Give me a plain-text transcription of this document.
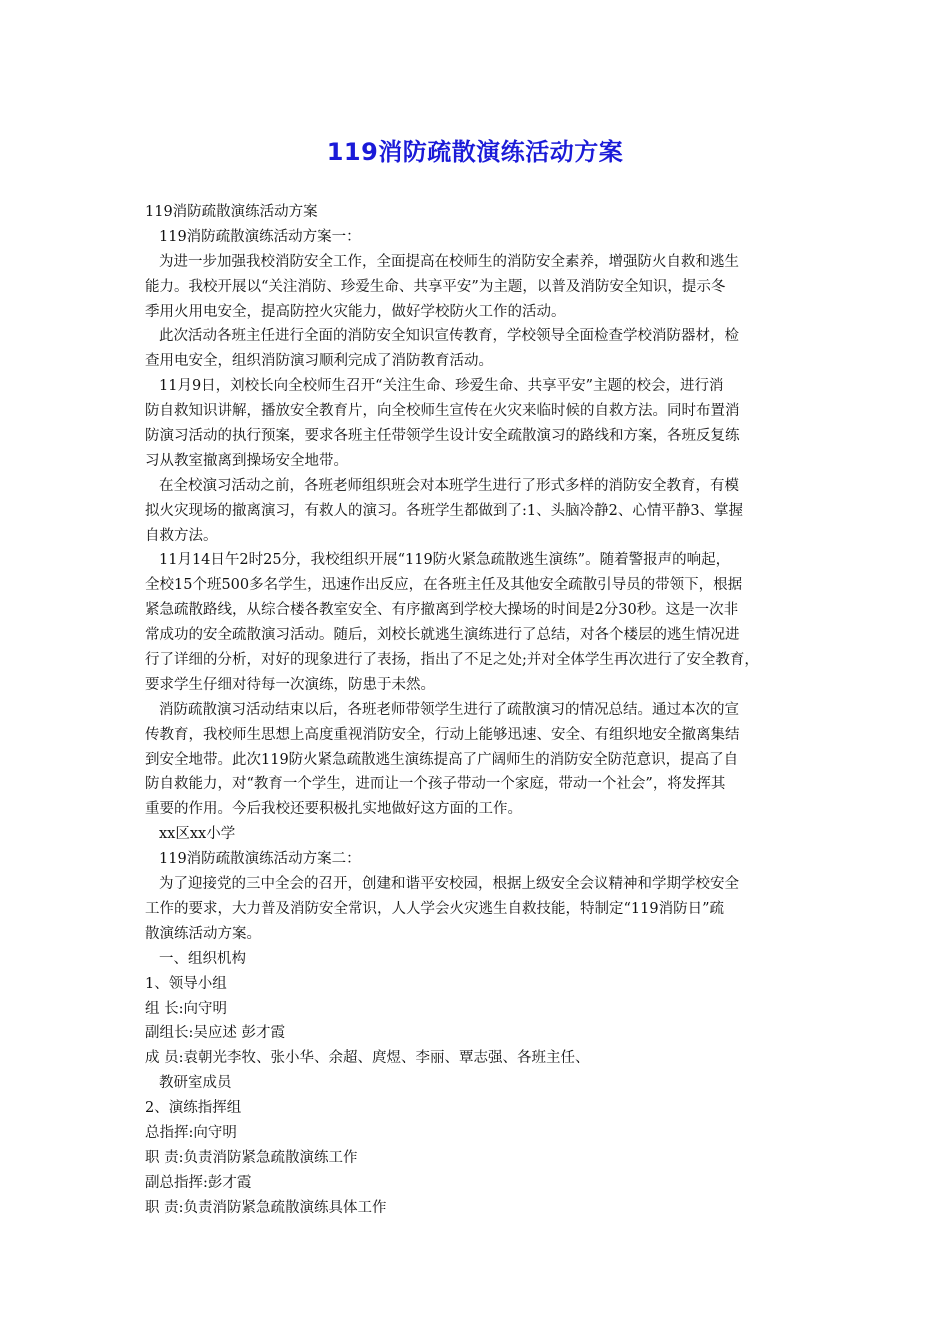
119消防疏散演练活动方案
119消防疏散演练活动方案
119消防疏散演练活动方案一：
为进一步加强我校消防安全工作，全面提高在校师生的消防安全素养，增强防火自救和逃生
能力。我校开展以“关注消防、珍爱生命、共享平安”为主题，以普及消防安全知识，提示冬
季用火用电安全，提高防控火灾能力，做好学校防火工作的活动。
此次活动各班主任进行全面的消防安全知识宣传教育，学校领导全面检查学校消防器材，检
查用电安全，组织消防演习顺利完成了消防教育活动。
11月9日，刘校长向全校师生召开“关注生命、珍爱生命、共享平安”主题的校会，进行消
防自救知识讲解，播放安全教育片，向全校师生宣传在火灾来临时候的自救方法。同时布置消
防演习活动的执行预案，要求各班主任带领学生设计安全疏散演习的路线和方案，各班反复练
习从教室撤离到操场安全地带。
在全校演习活动之前，各班老师组织班会对本班学生进行了形式多样的消防安全教育，有模
拟火灾现场的撤离演习，有救人的演习。各班学生都做到了:1、头脑冷静2、心情平静3、掌握
自救方法。
11月14日午2时25分，我校组织开展“119防火紧急疏散逃生演练”。随着警报声的响起，
全校15个班500多名学生，迅速作出反应，在各班主任及其他安全疏散引导员的带领下，根据
紧急疏散路线，从综合楼各教室安全、有序撤离到学校大操场的时间是2分30秒。这是一次非
常成功的安全疏散演习活动。随后，刘校长就逃生演练进行了总结，对各个楼层的逃生情况进
行了详细的分析，对好的现象进行了表扬，指出了不足之处;并对全体学生再次进行了安全教育，
要求学生仔细对待每一次演练，防患于未然。
消防疏散演习活动结束以后，各班老师带领学生进行了疏散演习的情况总结。通过本次的宣
传教育，我校师生思想上高度重视消防安全，行动上能够迅速、安全、有组织地安全撤离集结
到安全地带。此次119防火紧急疏散逃生演练提高了广阔师生的消防安全防范意识，提高了自
防自救能力，对“教育一个学生，进而让一个孩子带动一个家庭，带动一个社会”，将发挥其
重要的作用。今后我校还要积极扎实地做好这方面的工作。
xx区xx小学
119消防疏散演练活动方案二：
为了迎接党的三中全会的召开，创建和谐平安校园，根据上级安全会议精神和学期学校安全
工作的要求，大力普及消防安全常识，人人学会火灾逃生自救技能，特制定“119消防日”疏
散演练活动方案。
一、组织机构
1、领导小组
组 长:向守明
副组长:吴应述 彭才霞
成 员:袁朝光李牧、张小华、余超、庹煜、李丽、覃志强、各班主任、
教研室成员
2、演练指挥组
总指挥:向守明
职 责:负责消防紧急疏散演练工作
副总指挥:彭才霞
职 责:负责消防紧急疏散演练具体工作
